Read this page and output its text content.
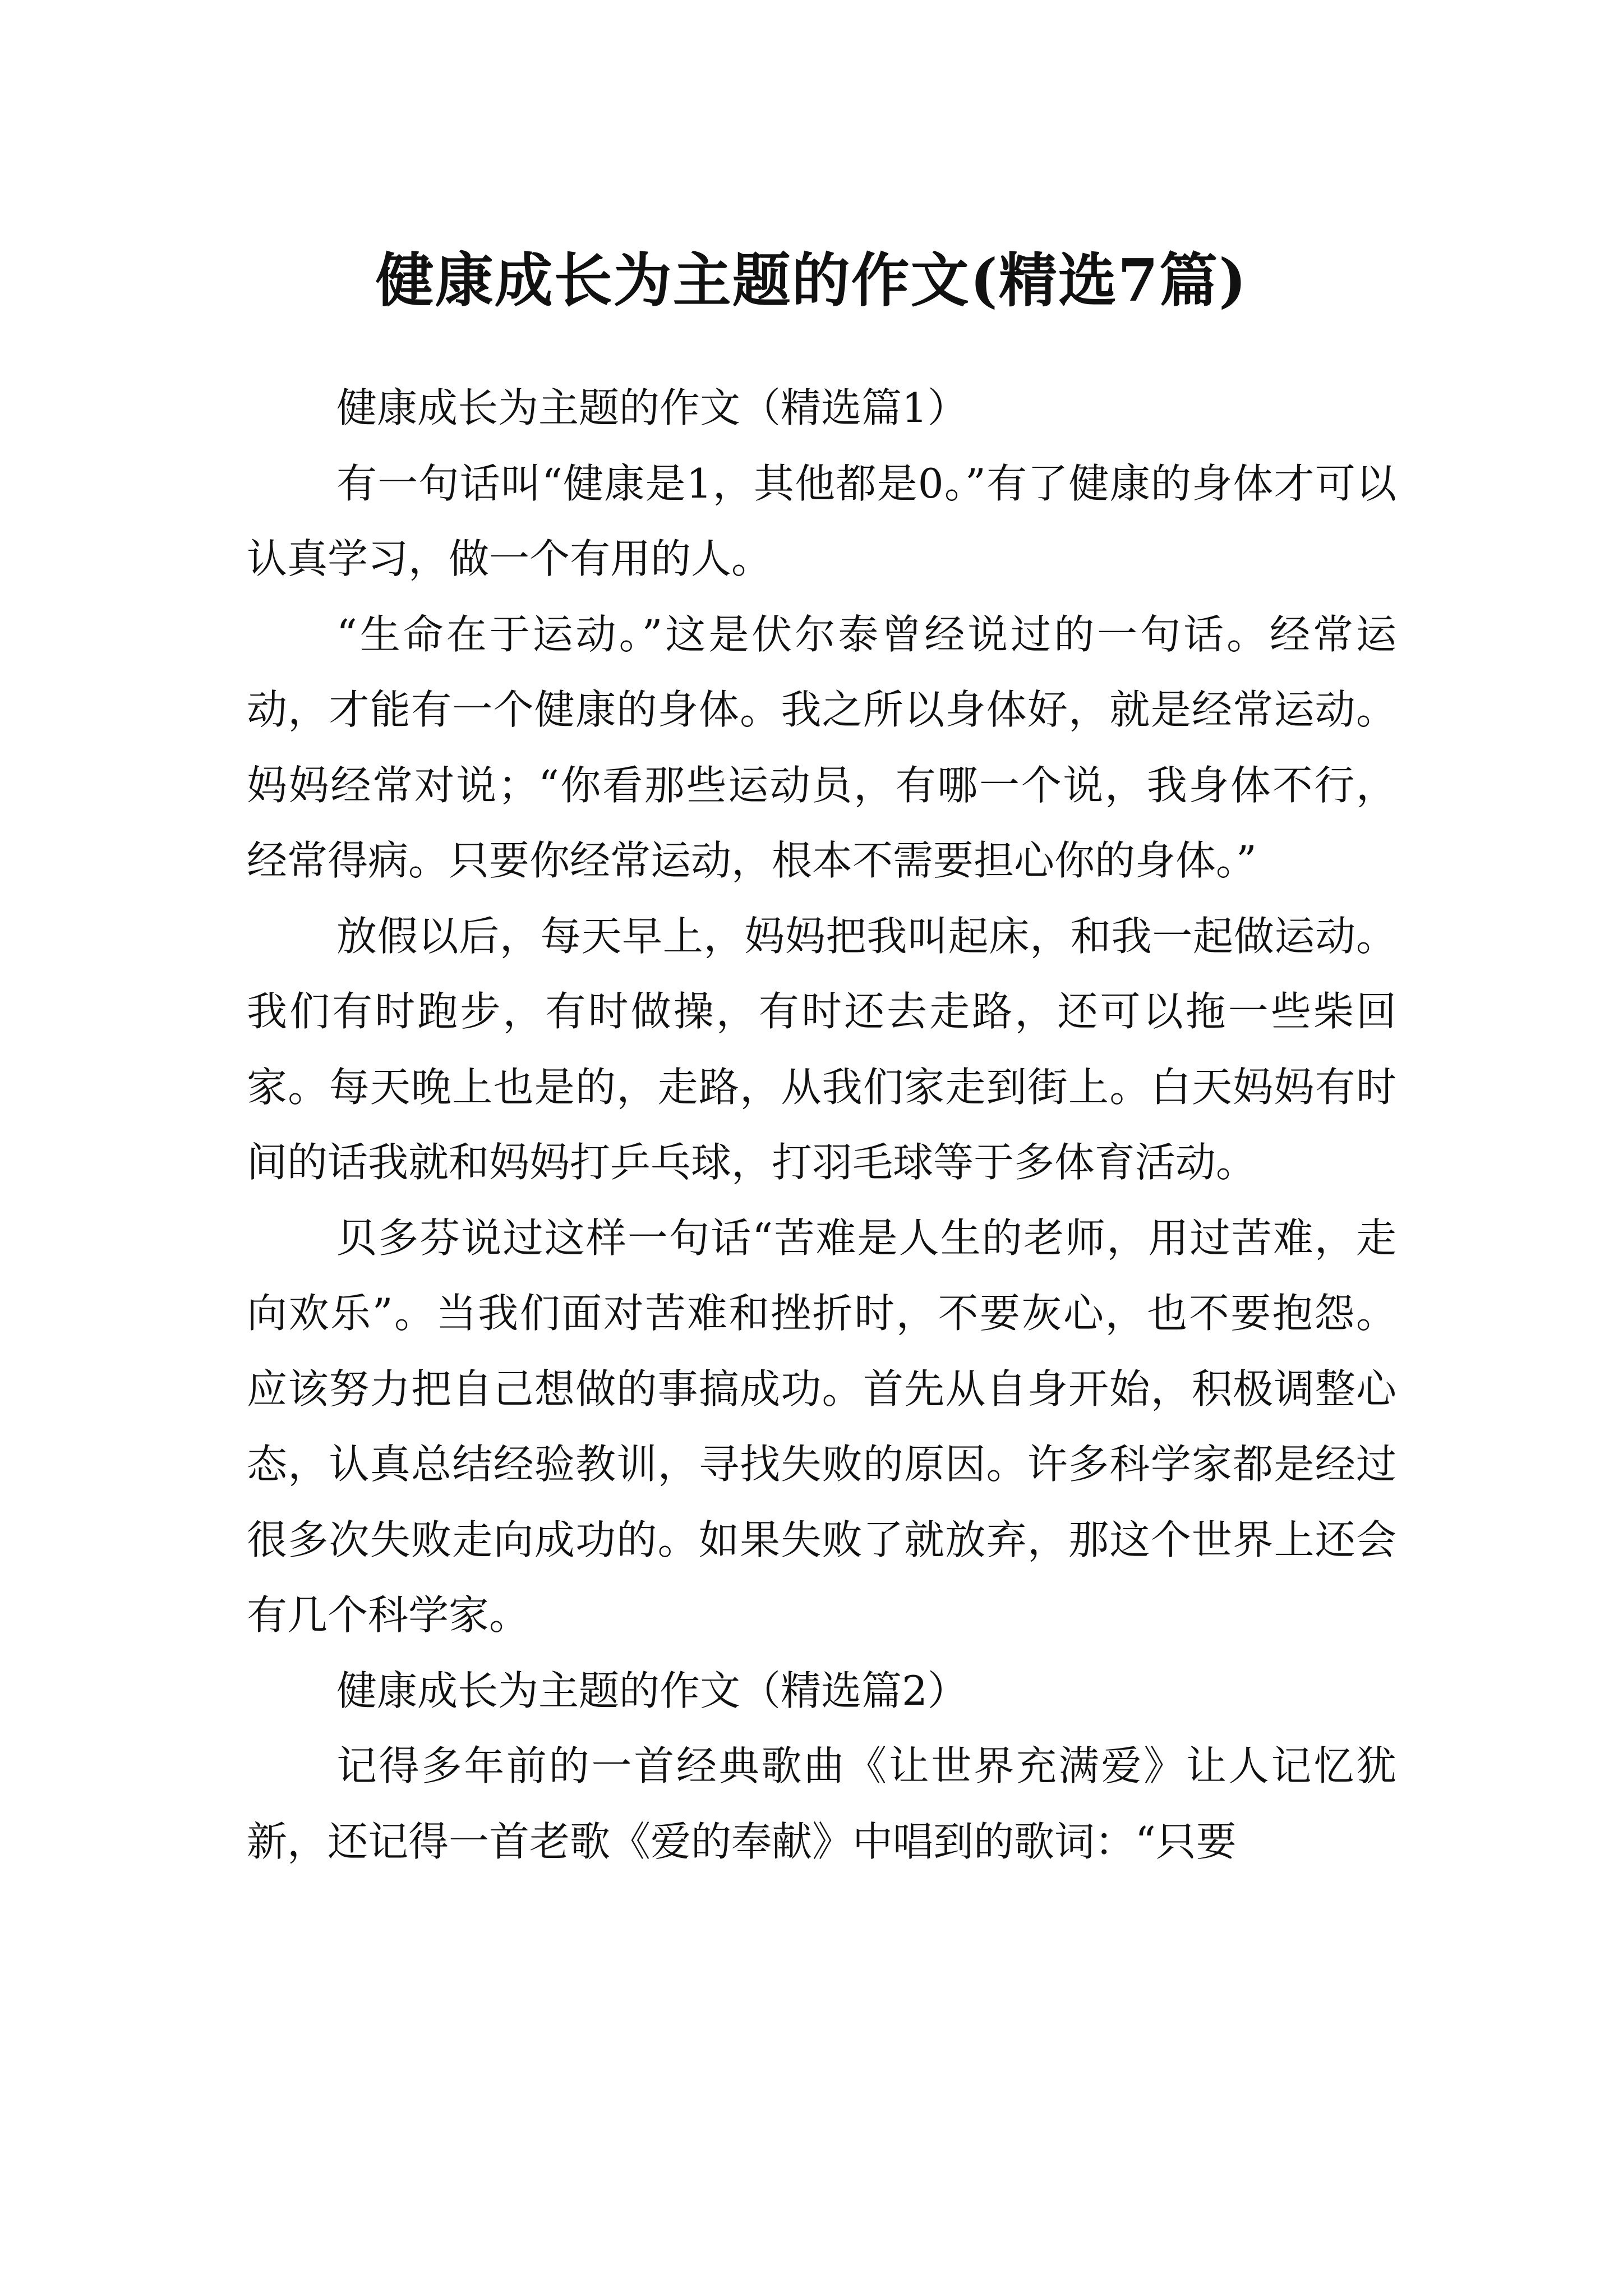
健康成长为主题的作文(精选7篇)

健康成长为主题的作文（精选篇1）

有一句话叫“健康是1，其他都是0。”有了健康的身体才可以认真学习，做一个有用的人。

“生命在于运动。”这是伏尔泰曾经说过的一句话。经常运动，才能有一个健康的身体。我之所以身体好，就是经常运动。妈妈经常对说；“你看那些运动员，有哪一个说，我身体不行，经常得病。只要你经常运动，根本不需要担心你的身体。”

放假以后，每天早上，妈妈把我叫起床，和我一起做运动。我们有时跑步，有时做操，有时还去走路，还可以拖一些柴回家。每天晚上也是的，走路，从我们家走到街上。白天妈妈有时间的话我就和妈妈打乒乓球，打羽毛球等于多体育活动。

贝多芬说过这样一句话“苦难是人生的老师，用过苦难，走向欢乐”。当我们面对苦难和挫折时，不要灰心，也不要抱怨。应该努力把自己想做的事搞成功。首先从自身开始，积极调整心态，认真总结经验教训，寻找失败的原因。许多科学家都是经过很多次失败走向成功的。如果失败了就放弃，那这个世界上还会有几个科学家。

健康成长为主题的作文（精选篇2）

记得多年前的一首经典歌曲《让世界充满爱》让人记忆犹新，还记得一首老歌《爱的奉献》中唱到的歌词：“只要
